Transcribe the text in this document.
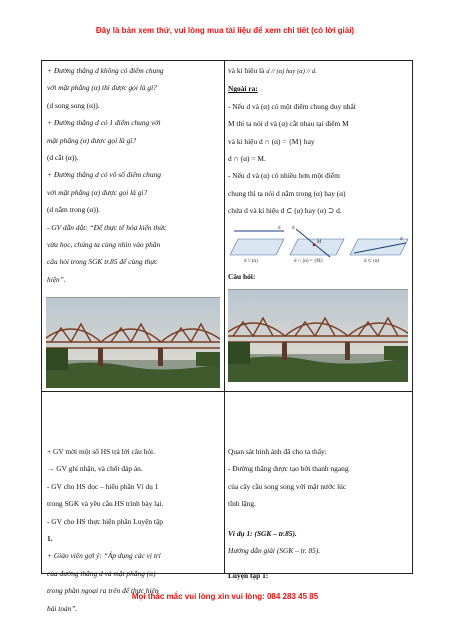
Đây là bản xem thử, vui lòng mua tài liệu để xem chi tiết (có lời giải)

+ Đường thẳng d không có điểm chung

với mặt phẳng (α) thì được gọi là gì?

(d song song (α)).

+ Đường thẳng d có 1 điểm chung với

mặt phẳng (α) được gọi là gì?

(d cắt (α)).

+ Đường thẳng d có vô số điểm chung

với mặt phẳng (α) được gọi là gì?

(d nằm trong (α)).

- GV dẫn dắt: “Để thực tế hóa kiến thức

vừa học, chúng ta cùng nhìn vào phần

câu hỏi trong SGK tr.85 để cùng thực

hiện”.

và kí hiệu là d // (α) hay (α) // d.

Ngoài ra:

- Nếu d và (α) có một điểm chung duy nhất

M thì ta nói d và (α) cắt nhau tại điểm M

và kí hiệu d ∩ (α) = {M} hay

d ∩ (α) = M.

- Nếu d và (α) có nhiều hơn một điểm

chung thì ta nói d nằm trong (α) hay (α)

chứa d và kí hiệu d ⊂ (α) hay (α) ⊃ d.

d
d // (α)
d
M
d ∩ (α) = {M}
d
d ⊂ (α)
Câu hỏi:

+ GV mời một số HS trả lời câu hỏi.

→ GV ghi nhận, và chốt đáp án.

- GV cho HS đọc – hiểu phần Ví dụ 1

trong SGK và yêu cầu HS trình bày lại.

- GV cho HS thực hiện phần Luyện tập

1.

+ Giáo viên gợi ý: “Áp dụng các vị trí

của đường thẳng d và mặt phẳng (α)

trong phần ngoại ra trên để thực hiện

bài toán”.

Quan sát hình ảnh đã cho ta thấy:

- Đường thẳng được tạo bởi thanh ngang

của cây cầu song song với mặt nước lúc

tĩnh lặng.

Ví dụ 1: (SGK – tr.85).

Hướng dẫn giải (SGK – tr. 85).

Luyện tập 1:

Mọi thắc mắc vui lòng xin vui lòng: 084 283 45 85
